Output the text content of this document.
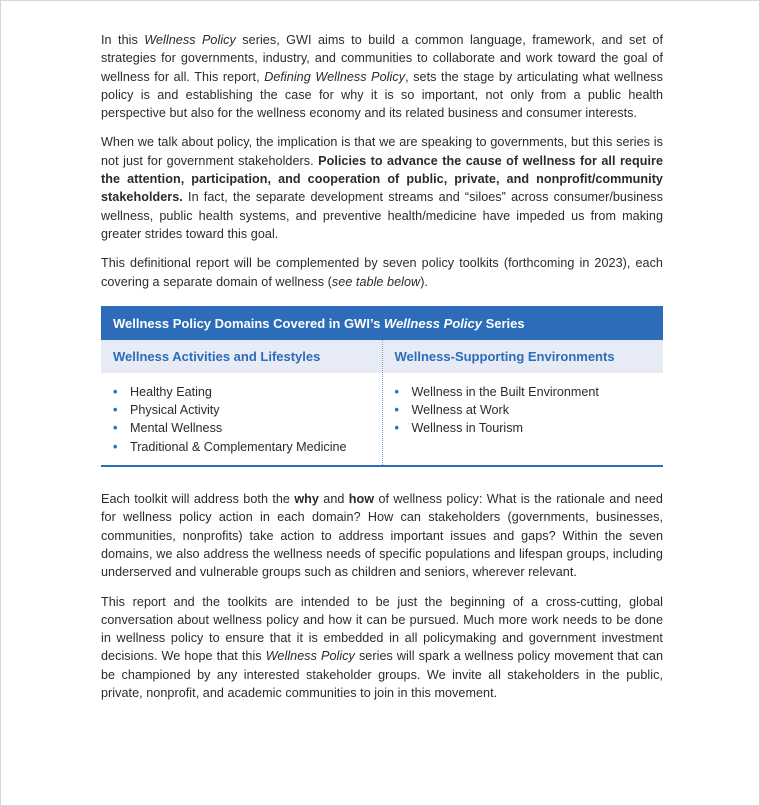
In this Wellness Policy series, GWI aims to build a common language, framework, and set of strategies for governments, industry, and communities to collaborate and work toward the goal of wellness for all. This report, Defining Wellness Policy, sets the stage by articulating what wellness policy is and establishing the case for why it is so important, not only from a public health perspective but also for the wellness economy and its related business and consumer interests.

When we talk about policy, the implication is that we are speaking to governments, but this series is not just for government stakeholders. Policies to advance the cause of wellness for all require the attention, participation, and cooperation of public, private, and nonprofit/community stakeholders. In fact, the separate development streams and “siloes” across consumer/business wellness, public health systems, and preventive health/medicine have impeded us from making greater strides toward this goal.

This definitional report will be complemented by seven policy toolkits (forthcoming in 2023), each covering a separate domain of wellness (see table below).

Wellness Policy Domains Covered in GWI’s Wellness Policy Series
Wellness Activities and Lifestyles
• Healthy Eating
• Physical Activity
• Mental Wellness
• Traditional & Complementary Medicine
Wellness-Supporting Environments
• Wellness in the Built Environment
• Wellness at Work
• Wellness in Tourism

Each toolkit will address both the why and how of wellness policy: What is the rationale and need for wellness policy action in each domain? How can stakeholders (governments, businesses, communities, nonprofits) take action to address important issues and gaps? Within the seven domains, we also address the wellness needs of specific populations and lifespan groups, including underserved and vulnerable groups such as children and seniors, wherever relevant.

This report and the toolkits are intended to be just the beginning of a cross-cutting, global conversation about wellness policy and how it can be pursued. Much more work needs to be done in wellness policy to ensure that it is embedded in all policymaking and government investment decisions. We hope that this Wellness Policy series will spark a wellness policy movement that can be championed by any interested stakeholder groups. We invite all stakeholders in the public, private, nonprofit, and academic communities to join in this movement.
